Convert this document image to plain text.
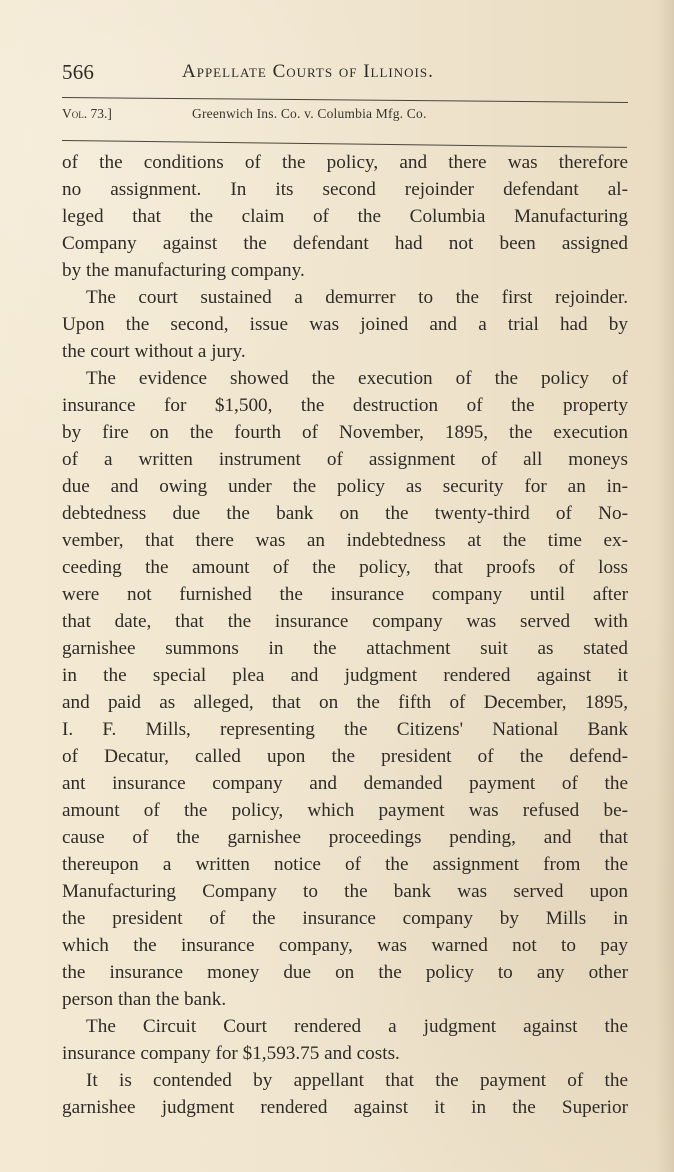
566	Appellate Courts of Illinois.
Vol. 73.]	Greenwich Ins. Co. v. Columbia Mfg. Co.
of the conditions of the policy, and there was therefore
no assignment. In its second rejoinder defendant al-
leged that the claim of the Columbia Manufacturing
Company against the defendant had not been assigned
by the manufacturing company.
The court sustained a demurrer to the first rejoinder.
Upon the second, issue was joined and a trial had by
the court without a jury.
The evidence showed the execution of the policy of
insurance for $1,500, the destruction of the property
by fire on the fourth of November, 1895, the execution
of a written instrument of assignment of all moneys
due and owing under the policy as security for an in-
debtedness due the bank on the twenty-third of No-
vember, that there was an indebtedness at the time ex-
ceeding the amount of the policy, that proofs of loss
were not furnished the insurance company until after
that date, that the insurance company was served with
garnishee summons in the attachment suit as stated
in the special plea and judgment rendered against it
and paid as alleged, that on the fifth of December, 1895,
I. F. Mills, representing the Citizens' National Bank
of Decatur, called upon the president of the defend-
ant insurance company and demanded payment of the
amount of the policy, which payment was refused be-
cause of the garnishee proceedings pending, and that
thereupon a written notice of the assignment from the
Manufacturing Company to the bank was served upon
the president of the insurance company by Mills in
which the insurance company, was warned not to pay
the insurance money due on the policy to any other
person than the bank.
The Circuit Court rendered a judgment against the
insurance company for $1,593.75 and costs.
It is contended by appellant that the payment of the
garnishee judgment rendered against it in the Superior
